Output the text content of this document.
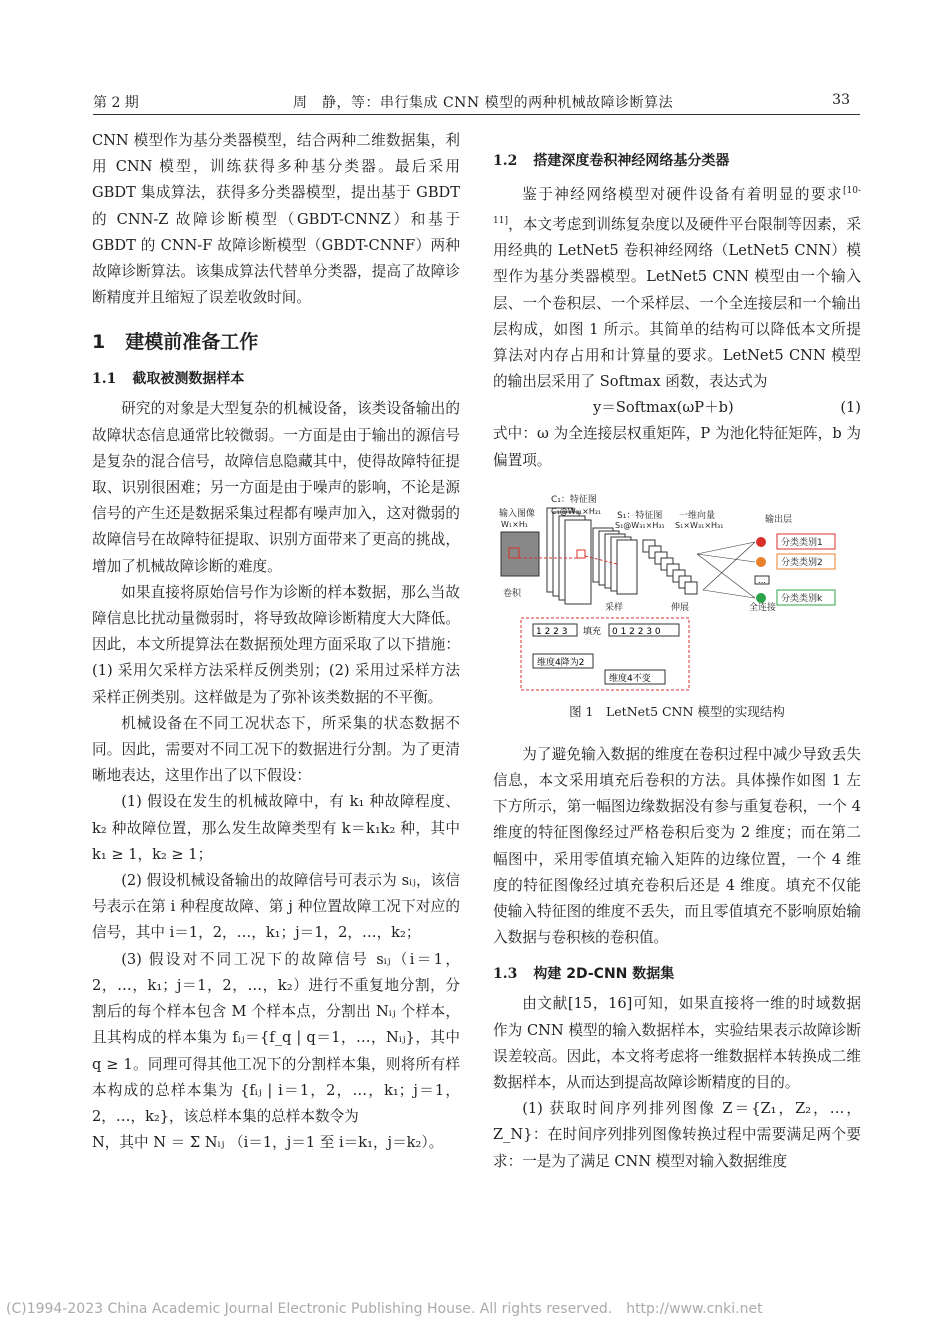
第 2 期	周　静，等：串行集成 CNN 模型的两种机械故障诊断算法	33

CNN 模型作为基分类器模型，结合两种二维数据集，利用 CNN 模型，训练获得多种基分类器。最后采用 GBDT 集成算法，获得多分类器模型，提出基于 GBDT 的 CNN-Z 故障诊断模型（GBDT-CNNZ）和基于 GBDT 的 CNN-F 故障诊断模型（GBDT-CNNF）两种故障诊断算法。该集成算法代替单分类器，提高了故障诊断精度并且缩短了误差收敛时间。

1 建模前准备工作
1.1 截取被测数据样本

研究的对象是大型复杂的机械设备，该类设备输出的故障状态信息通常比较微弱。一方面是由于输出的源信号是复杂的混合信号，故障信息隐藏其中，使得故障特征提取、识别很困难；另一方面是由于噪声的影响，不论是源信号的产生还是数据采集过程都有噪声加入，这对微弱的故障信号在故障特征提取、识别方面带来了更高的挑战，增加了机械故障诊断的难度。

如果直接将原始信号作为诊断的样本数据，那么当故障信息比扰动量微弱时，将导致故障诊断精度大大降低。因此，本文所提算法在数据预处理方面采取了以下措施：(1) 采用欠采样方法采样反例类别；(2) 采用过采样方法采样正例类别。这样做是为了弥补该类数据的不平衡。

机械设备在不同工况状态下，所采集的状态数据不同。因此，需要对不同工况下的数据进行分割。为了更清晰地表达，这里作出了以下假设：

(1) 假设在发生的机械故障中，有 k₁ 种故障程度、k₂ 种故障位置，那么发生故障类型有 k＝k₁k₂ 种，其中 k₁ ≥ 1，k₂ ≥ 1；

(2) 假设机械设备输出的故障信号可表示为 sᵢⱼ，该信号表示在第 i 种程度故障、第 j 种位置故障工况下对应的信号，其中 i＝1，2，…，k₁；j＝1，2，…，k₂；

(3) 假设对不同工况下的故障信号 sᵢⱼ（i＝1，2，…，k₁；j＝1，2，…，k₂）进行不重复地分割，分割后的每个样本包含 M 个样本点，分割出 Nᵢⱼ 个样本，且其构成的样本集为 fᵢⱼ＝{f_q | q＝1，…，Nᵢⱼ}，其中 q ≥ 1。同理可得其他工况下的分割样本集，则将所有样本构成的总样本集为 {fᵢⱼ | i＝1，2，…，k₁；j＝1，2，…，k₂}，该总样本集的总样本数令为

N，其中 N ＝ Σ Nᵢⱼ （i＝1，j＝1 至 i＝k₁，j＝k₂）。

1.2 搭建深度卷积神经网络基分类器

鉴于神经网络模型对硬件设备有着明显的要求[10-11]，本文考虑到训练复杂度以及硬件平台限制等因素，采用经典的 LetNet5 卷积神经网络（LetNet5 CNN）模型作为基分类器模型。LetNet5 CNN 模型由一个输入层、一个卷积层、一个采样层、一个全连接层和一个输出层构成，如图 1 所示。其简单的结构可以降低本文所提算法对内存占用和计算量的要求。LetNet5 CNN 模型的输出层采用了 Softmax 函数，表达式为

y＝Softmax(ωP＋b)	(1)

式中：ω 为全连接层权重矩阵，P 为池化特征矩阵，b 为偏置项。

…
分类类别1
分类类别2
分类类别k
C₁：特征图
C₁@W₂₁×H₂₁ S₁：特征图
S₁@W₃₁×H₃₁
一维向量
S₁×W₃₁×H₃₁
输出层
输入图像
W₁×H₁
卷积
采样	伸展	全连接
1 2 2 3 填充 0 1 2 2 3 0
维度4降为2
维度4不变
图 1　LetNet5 CNN 模型的实现结构

为了避免输入数据的维度在卷积过程中减少导致丢失信息，本文采用填充后卷积的方法。具体操作如图 1 左下方所示，第一幅图边缘数据没有参与重复卷积，一个 4 维度的特征图像经过严格卷积后变为 2 维度；而在第二幅图中，采用零值填充输入矩阵的边缘位置，一个 4 维度的特征图像经过填充卷积后还是 4 维度。填充不仅能使输入特征图的维度不丢失，而且零值填充不影响原始输入数据与卷积核的卷积值。

1.3 构建 2D-CNN 数据集

由文献[15，16]可知，如果直接将一维的时域数据作为 CNN 模型的输入数据样本，实验结果表示故障诊断误差较高。因此，本文将考虑将一维数据样本转换成二维数据样本，从而达到提高故障诊断精度的目的。

(1) 获取时间序列排列图像 Z＝{Z₁，Z₂，…，Z_N}：在时间序列排列图像转换过程中需要满足两个要求：一是为了满足 CNN 模型对输入数据维度

(C)1994-2023 China Academic Journal Electronic Publishing House. All rights reserved.　http://www.cnki.net
